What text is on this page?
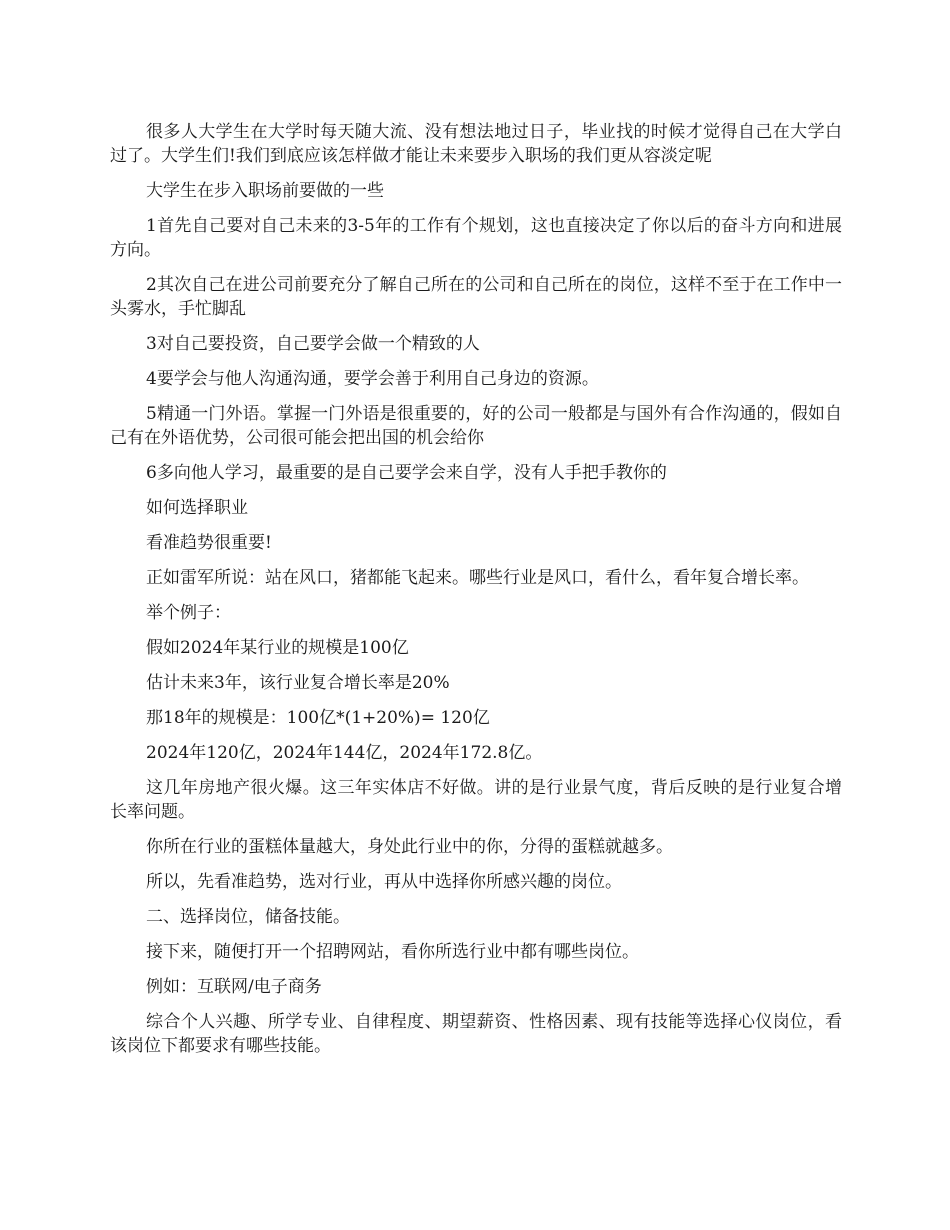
很多人大学生在大学时每天随大流、没有想法地过日子，毕业找的时候才觉得自己在大学白过了。大学生们!我们到底应该怎样做才能让未来要步入职场的我们更从容淡定呢

大学生在步入职场前要做的一些

1首先自己要对自己未来的3-5年的工作有个规划，这也直接决定了你以后的奋斗方向和进展方向。

2其次自己在进公司前要充分了解自己所在的公司和自己所在的岗位，这样不至于在工作中一头雾水，手忙脚乱

3对自己要投资，自己要学会做一个精致的人

4要学会与他人沟通沟通，要学会善于利用自己身边的资源。

5精通一门外语。掌握一门外语是很重要的，好的公司一般都是与国外有合作沟通的，假如自己有在外语优势，公司很可能会把出国的机会给你

6多向他人学习，最重要的是自己要学会来自学，没有人手把手教你的

如何选择职业

看准趋势很重要!

正如雷军所说：站在风口，猪都能飞起来。哪些行业是风口，看什么，看年复合增长率。

举个例子：

假如2024年某行业的规模是100亿

估计未来3年，该行业复合增长率是20%

那18年的规模是：100亿*(1+20%)= 120亿

2024年120亿，2024年144亿，2024年172.8亿。

这几年房地产很火爆。这三年实体店不好做。讲的是行业景气度，背后反映的是行业复合增长率问题。

你所在行业的蛋糕体量越大，身处此行业中的你，分得的蛋糕就越多。

所以，先看准趋势，选对行业，再从中选择你所感兴趣的岗位。

二、选择岗位，储备技能。

接下来，随便打开一个招聘网站，看你所选行业中都有哪些岗位。

例如：互联网/电子商务

综合个人兴趣、所学专业、自律程度、期望薪资、性格因素、现有技能等选择心仪岗位，看该岗位下都要求有哪些技能。
